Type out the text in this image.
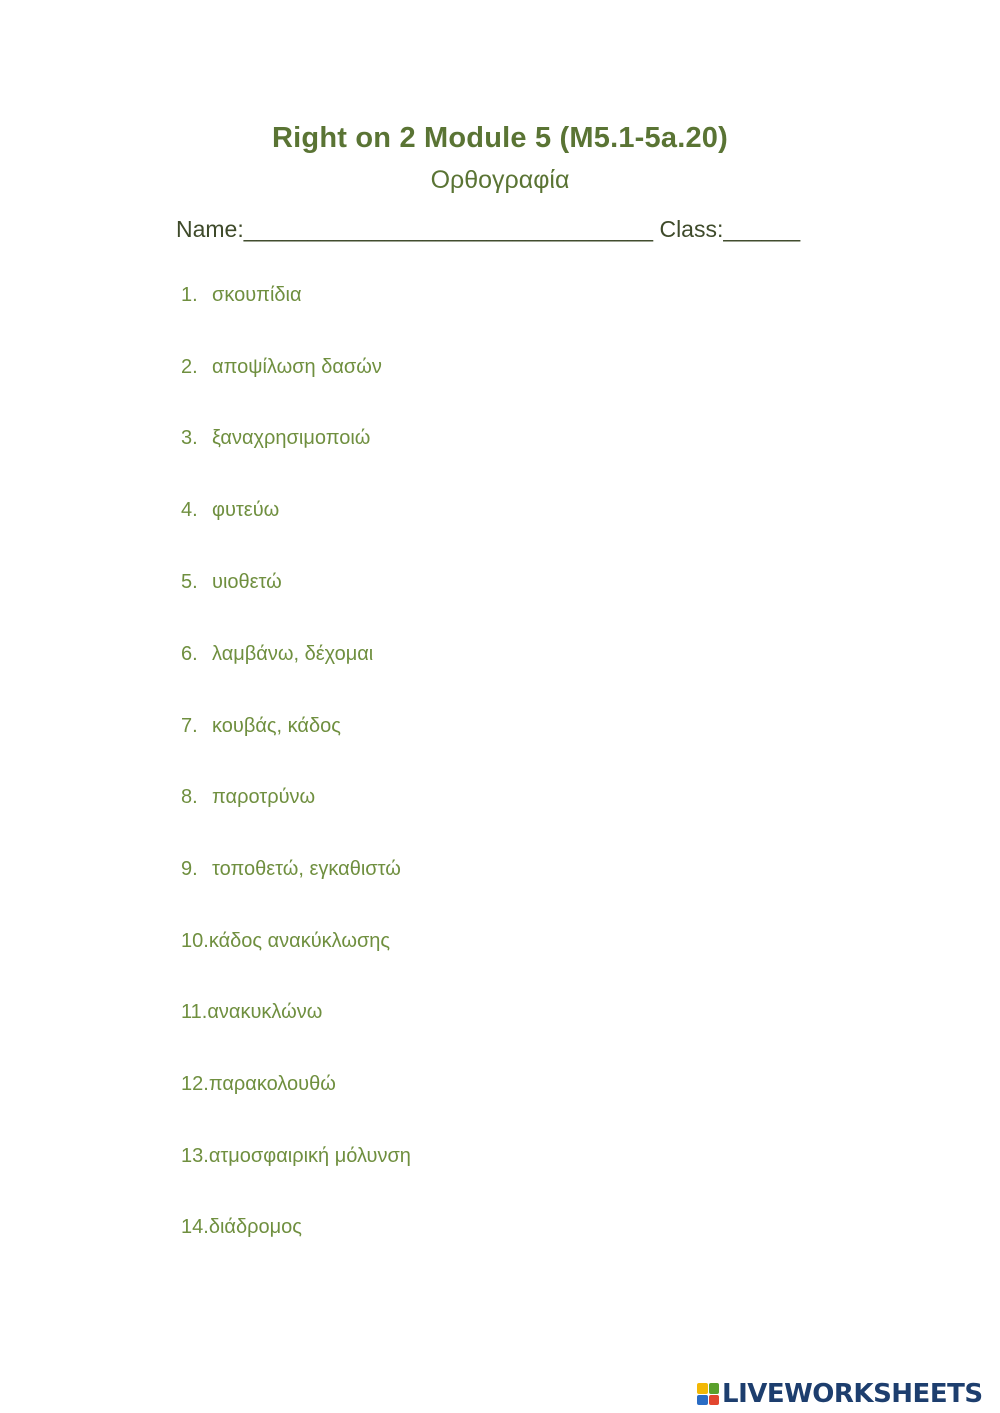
Right on 2 Module 5 (M5.1-5a.20)
Ορθογραφία
Name:________________________________ Class:______
1. σκουπίδια
2. αποψίλωση δασών
3. ξαναχρησιμοποιώ
4. φυτεύω
5. υιοθετώ
6. λαμβάνω, δέχομαι
7. κουβάς, κάδος
8. παροτρύνω
9. τοποθετώ, εγκαθιστώ
10.κάδος ανακύκλωσης
11.ανακυκλώνω
12.παρακολουθώ
13.ατμοσφαιρική μόλυνση
14.διάδρομος
LIVEWORKSHEETS
